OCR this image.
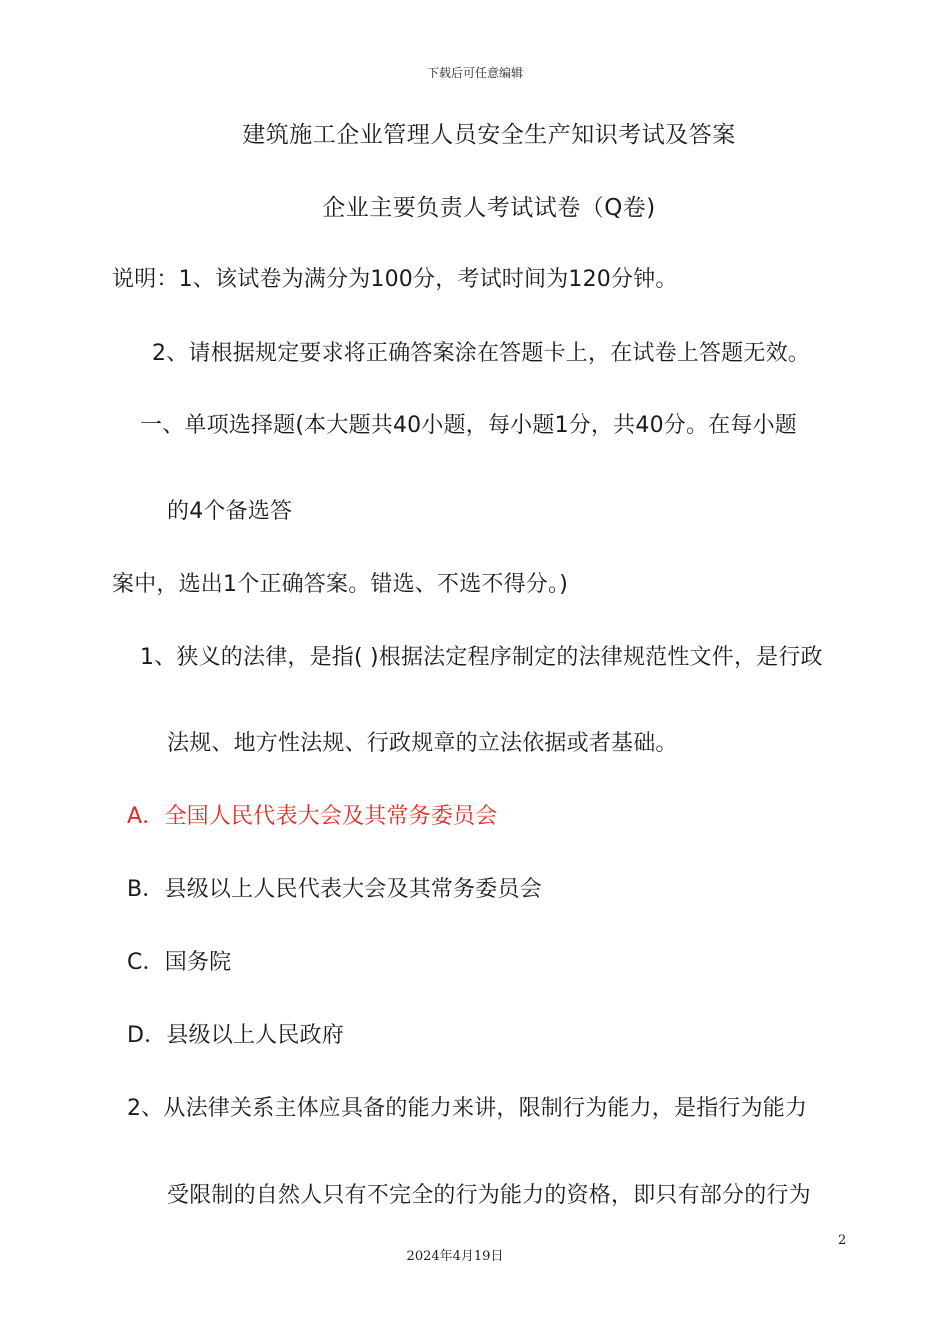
下载后可任意编辑
建筑施工企业管理人员安全生产知识考试及答案
企业主要负责人考试试卷（Q卷)
说明：1、该试卷为满分为100分，考试时间为120分钟。
2、请根据规定要求将正确答案涂在答题卡上，在试卷上答题无效。
一、单项选择题(本大题共40小题，每小题1分，共40分。在每小题
的4个备选答
案中，选出1个正确答案。错选、不选不得分。)
1、狭义的法律，是指( )根据法定程序制定的法律规范性文件，是行政
法规、地方性法规、行政规章的立法依据或者基础。
A．全国人民代表大会及其常务委员会
B．县级以上人民代表大会及其常务委员会
C．国务院
D．县级以上人民政府
2、从法律关系主体应具备的能力来讲，限制行为能力，是指行为能力
受限制的自然人只有不完全的行为能力的资格，即只有部分的行为
2
2024年4月19日
